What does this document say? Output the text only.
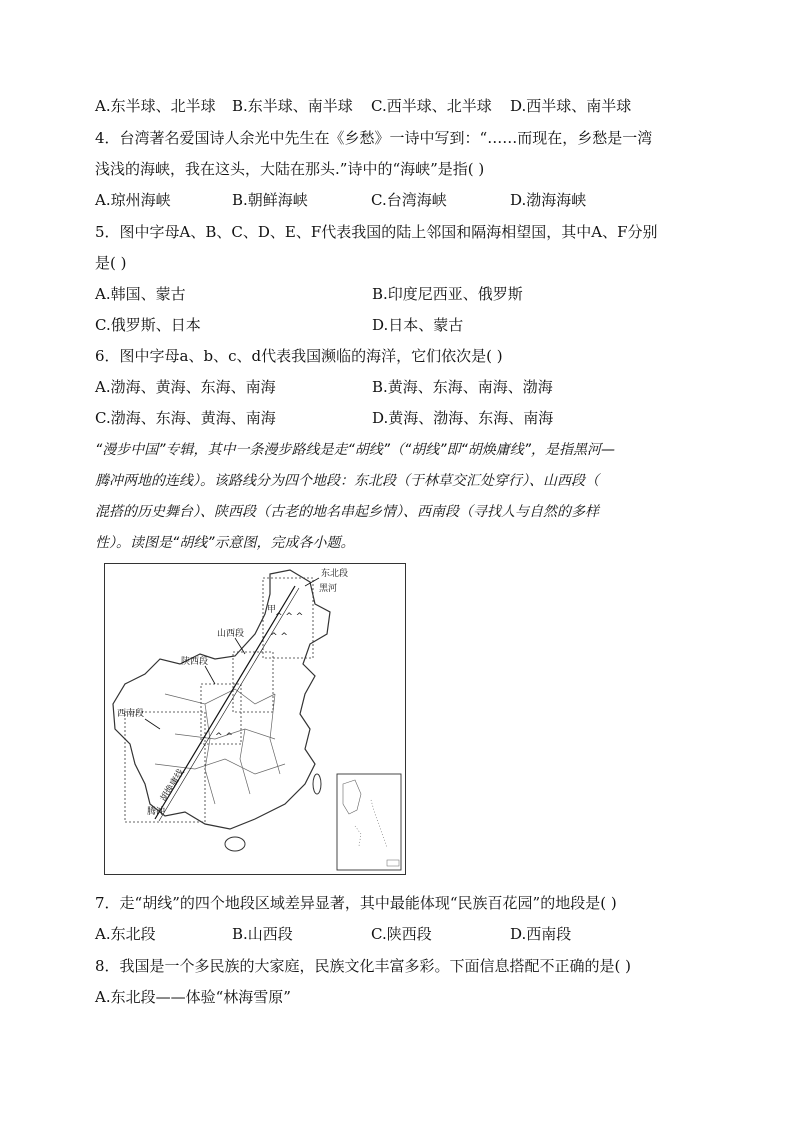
A.东半球、北半球 B.东半球、南半球 C.西半球、北半球 D.西半球、南半球
4．台湾著名爱国诗人余光中先生在《乡愁》一诗中写到：“……而现在，乡愁是一湾
浅浅的海峡，我在这头，大陆在那头.”诗中的“海峡”是指( )
A.琼州海峡	B.朝鲜海峡	C.台湾海峡	D.渤海海峡
5．图中字母A、B、C、D、E、F代表我国的陆上邻国和隔海相望国，其中A、F分别
是( )
A.韩国、蒙古	B.印度尼西亚、俄罗斯
C.俄罗斯、日本	D.日本、蒙古
6．图中字母a、b、c、d代表我国濒临的海洋，它们依次是( )
A.渤海、黄海、东海、南海	B.黄海、东海、南海、渤海
C.渤海、东海、黄海、南海	D.黄海、渤海、东海、南海
“漫步中国”专辑，其中一条漫步路线是走“胡线”（“胡线”即“胡焕庸线”，是指黑河—
腾冲两地的连线）。该路线分为四个地段：东北段（于林草交汇处穿行）、山西段（
混搭的历史舞台）、陕西段（古老的地名串起乡情）、西南段（寻找人与自然的多样
性）。读图是“胡线”示意图，完成各小题。
^ ^ ^
^ ^
^ ^
东北段
黑河
甲
山西段
陕西段
西南段
腾冲
胡焕庸线
7．走“胡线”的四个地段区域差异显著，其中最能体现“民族百花园”的地段是( )
A.东北段	B.山西段	C.陕西段	D.西南段
8．我国是一个多民族的大家庭，民族文化丰富多彩。下面信息搭配不正确的是( )
A.东北段——体验“林海雪原”
